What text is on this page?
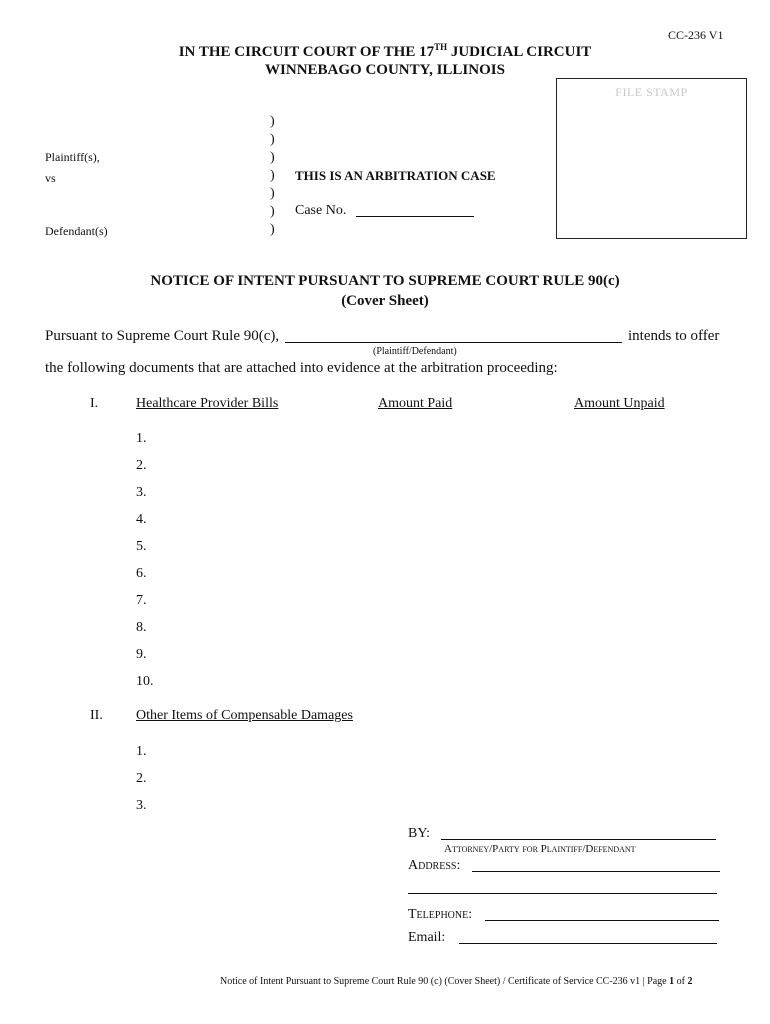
CC-236 V1
IN THE CIRCUIT COURT OF THE 17TH JUDICIAL CIRCUIT
WINNEBAGO COUNTY, ILLINOIS
FILE STAMP
Plaintiff(s),
vs
Defendant(s)
)
)
)
)
)
)
)
THIS IS AN ARBITRATION CASE
Case No.
NOTICE OF INTENT PURSUANT TO SUPREME COURT RULE 90(c)
(Cover Sheet)
Pursuant to Supreme Court Rule 90(c),	intends to offer
(Plaintiff/Defendant)
the following documents that are attached into evidence at the arbitration proceeding:
I.	Healthcare Provider Bills	Amount Paid	Amount Unpaid
1.
2.
3.
4.
5.
6.
7.
8.
9.
10.
II. Other Items of Compensable Damages
1.
2.
3.
BY:
Attorney/Party for Plaintiff/Defendant
Address:
Telephone:
Email:
Notice of Intent Pursuant to Supreme Court Rule 90 (c) (Cover Sheet) / Certificate of Service CC-236 v1 | Page 1 of 2
